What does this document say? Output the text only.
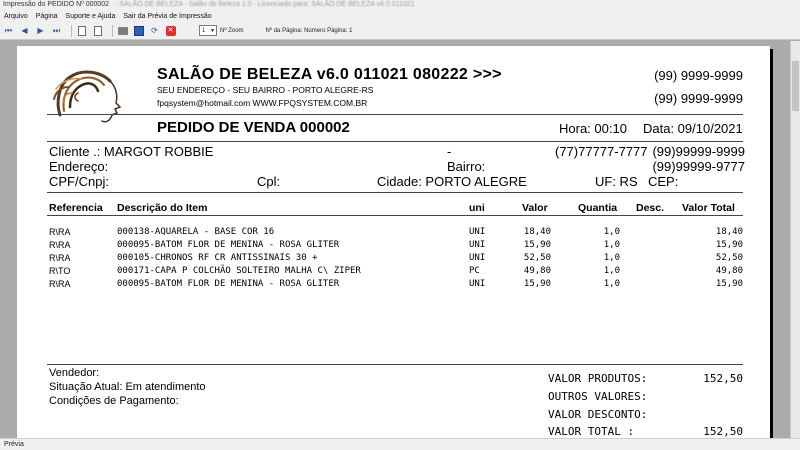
Impressão do PEDIDO Nº 000002 - SALÃO DE BELEZA - Salão de Beleza 1.0 - Licenciado para: SALÃO DE BELEZA v6.0 011021
Arquivo Página Suporte e Ajuda Sair da Prévia de Impressão
⏮	◀	▶	⏭	⟳	✕	1 ▼ Nº Zoom	Nº da Página: Número Página: 1
SALÃO DE BELEZA v6.0 011021 080222 >>>
SEU ENDEREÇO - SEU BAIRRO - PORTO ALEGRE-RS
fpqsystem@hotmail.com WWW.FPQSYSTEM.COM.BR
(99) 9999-9999
(99) 9999-9999
PEDIDO DE VENDA 000002	Hora: 00:10 Data: 09/10/2021
Cliente .: MARGOT ROBBIE	-	(77)77777-7777 (99)99999-9999
Endereço:	Bairro:	(99)99999-9777
CPF/Cnpj:	Cpl:	Cidade: PORTO ALEGRE	UF: RS CEP:
Referencia Descrição do Item	uni	Valor	Quantia Desc. Valor Total
R\RA	000138-AQUARELA - BASE COR 16	UNI	18,40	1,0	18,40
R\RA	000095-BATOM FLOR DE MENINA - ROSA GLITER	UNI	15,90	1,0	15,90
R\RA	000105-CHRONOS RF CR ANTISSINAIS 30 +	UNI	52,50	1,0	52,50
R\TO	000171-CAPA P COLCHÃO SOLTEIRO MALHA C\ ZIPER	PC	49,80	1,0	49,80
R\RA	000095-BATOM FLOR DE MENINA - ROSA GLITER	UNI	15,90	1,0	15,90
Vendedor:
Situação Atual: Em atendimento
Condições de Pagamento:
VALOR PRODUTOS:	152,50
OUTROS VALORES:
VALOR DESCONTO:
VALOR TOTAL :	152,50
Prévia
